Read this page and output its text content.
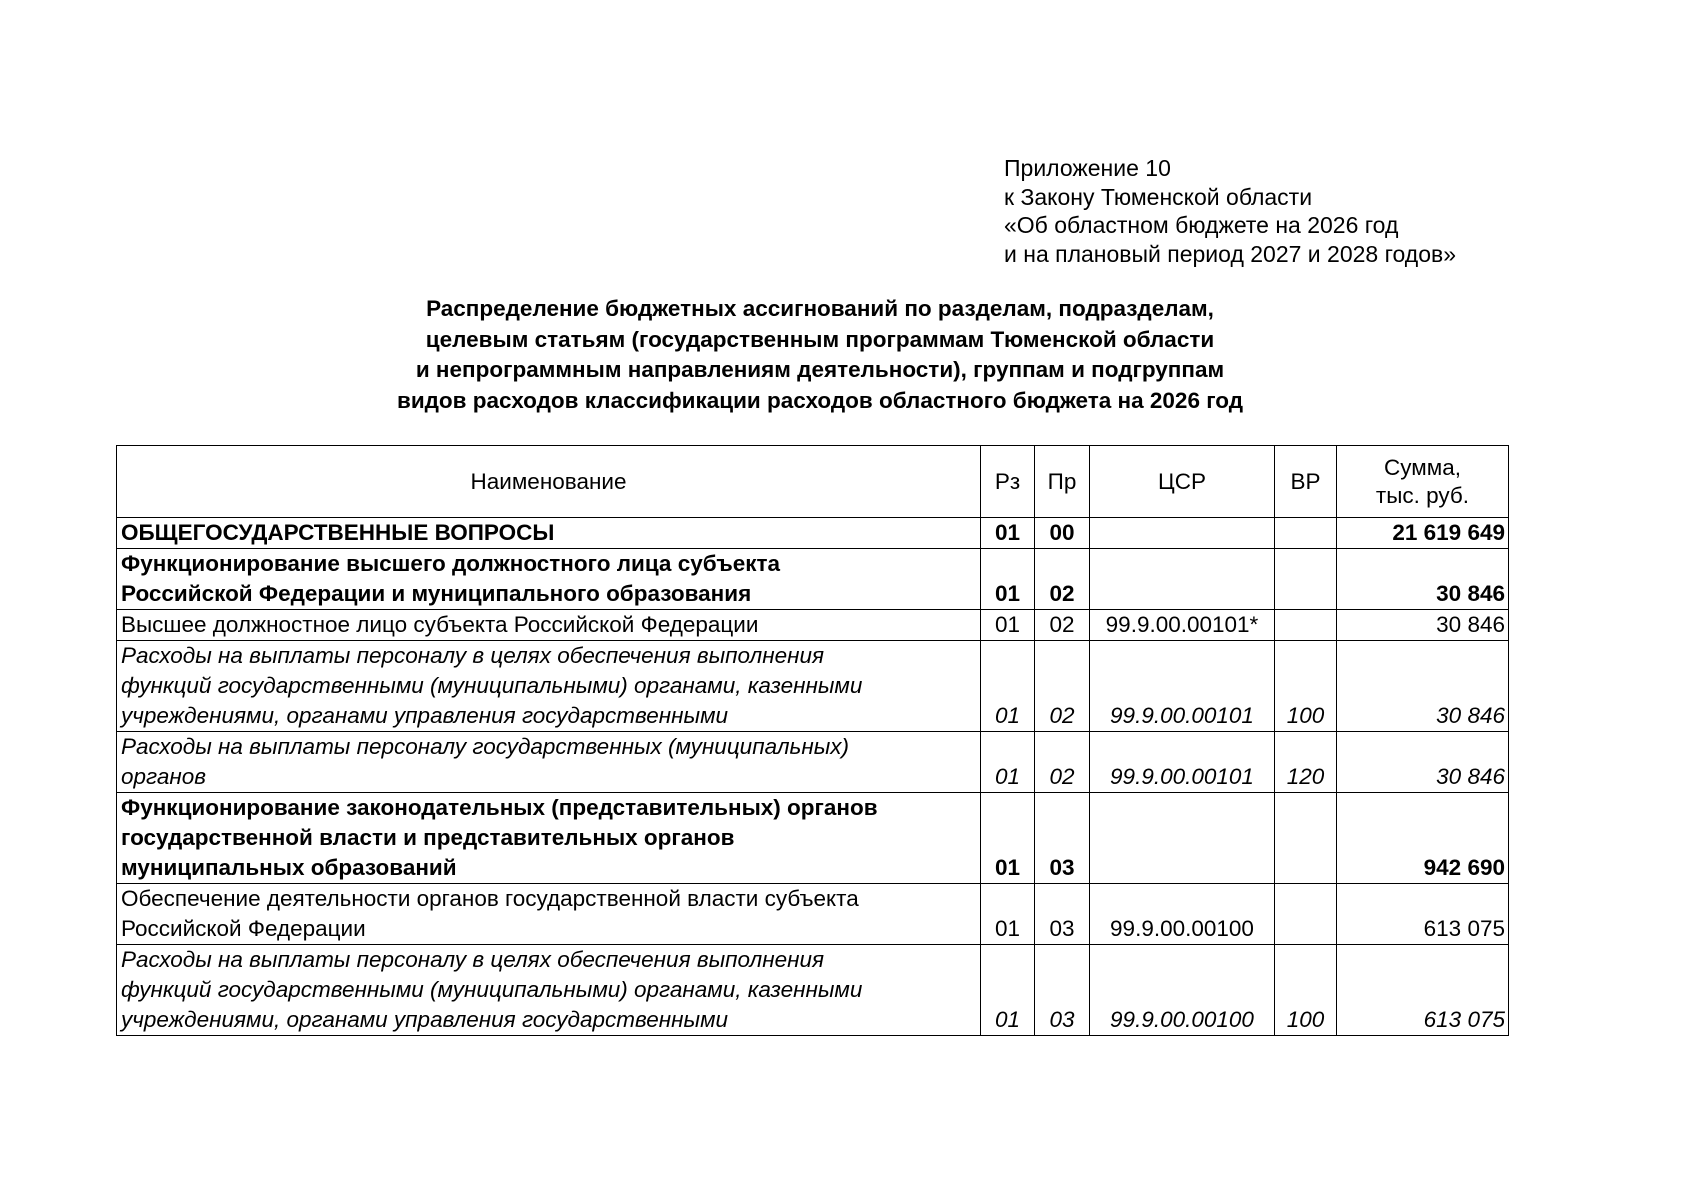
Приложение 10
к Закону Тюменской области
«Об областном бюджете на 2026 год
и на плановый период 2027 и 2028 годов»
Распределение бюджетных ассигнований по разделам, подразделам,
целевым статьям (государственным программам Тюменской области
и непрограммным направлениям деятельности), группам и подгруппам
видов расходов классификации расходов областного бюджета на 2026 год
Наименование	Рз	Пр	ЦСР	ВР	Сумма,
тыс. руб.

ОБЩЕГОСУДАРСТВЕННЫЕ ВОПРОСЫ	01	00			21 619 649

Функционирование высшего должностного лица субъекта
Российской Федерации и муниципального образования	01	02			30 846

Высшее должностное лицо субъекта Российской Федерации	01	02	99.9.00.00101*		30 846

Расходы на выплаты персоналу в целях обеспечения выполнения
функций государственными (муниципальными) органами, казенными
учреждениями, органами управления государственными	01	02	99.9.00.00101	100	30 846

Расходы на выплаты персоналу государственных (муниципальных)
органов	01	02	99.9.00.00101	120	30 846

Функционирование законодательных (представительных) органов
государственной власти и представительных органов
муниципальных образований	01	03			942 690

Обеспечение деятельности органов государственной власти субъекта
Российской Федерации	01	03	99.9.00.00100		613 075

Расходы на выплаты персоналу в целях обеспечения выполнения
функций государственными (муниципальными) органами, казенными
учреждениями, органами управления государственными	01	03	99.9.00.00100	100	613 075
